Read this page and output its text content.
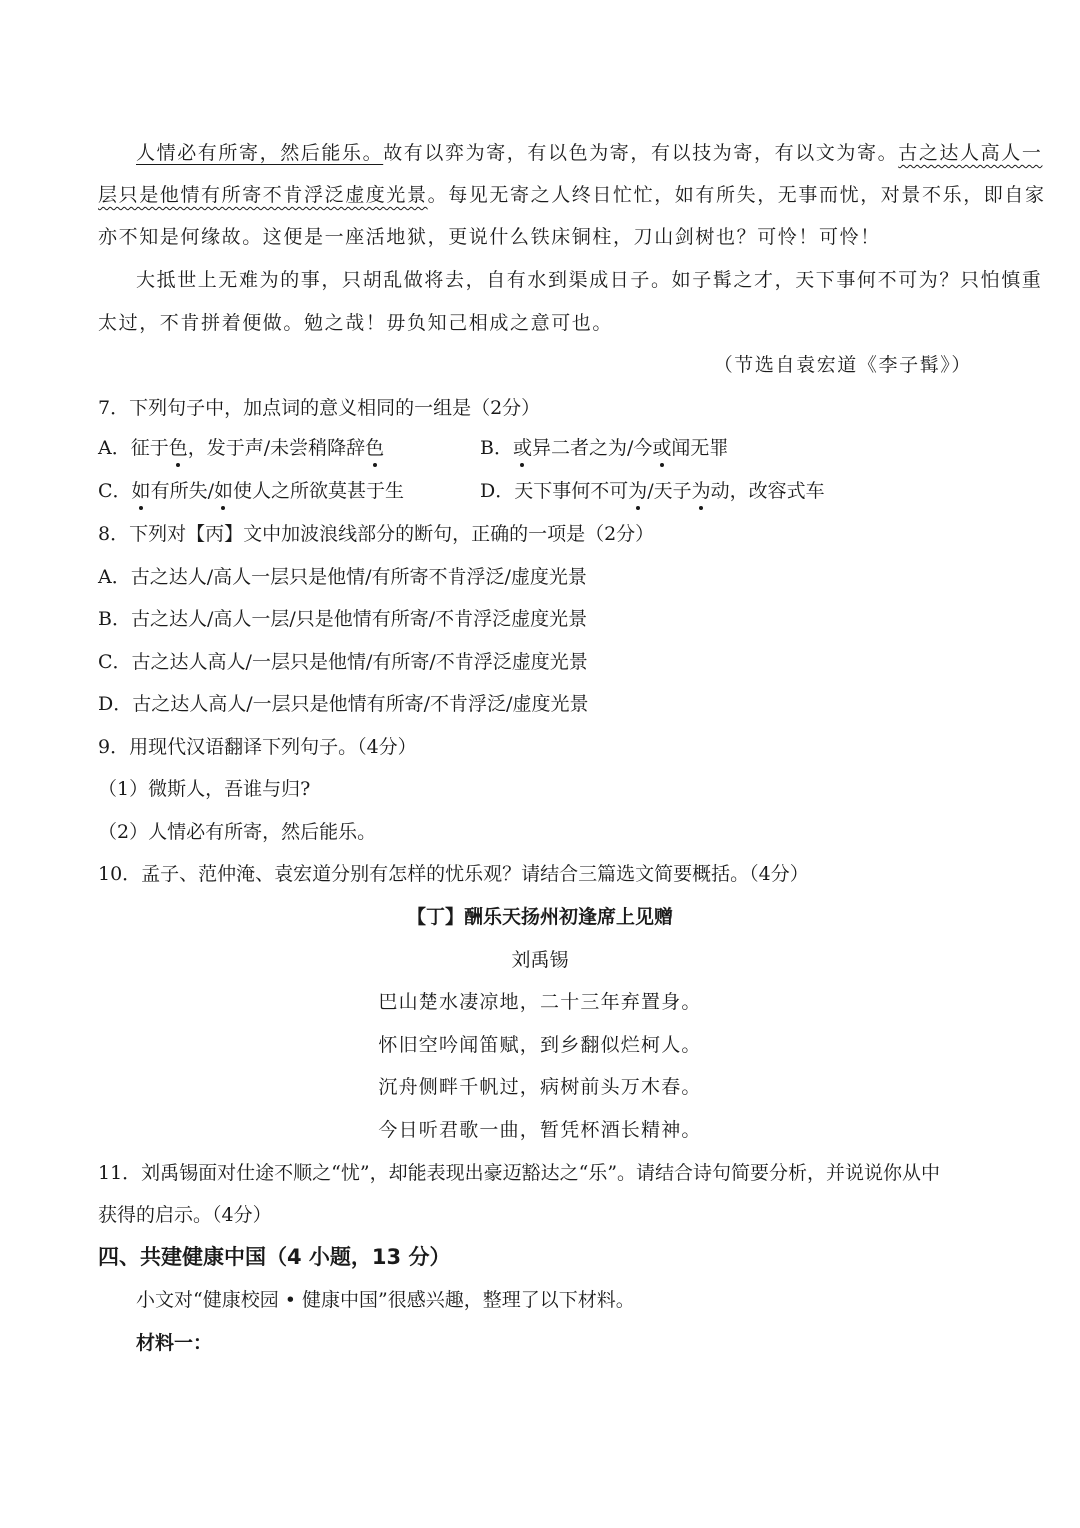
人情必有所寄，然后能乐。故有以弈为寄，有以色为寄，有以技为寄，有以文为寄。古之达人高人一
层只是他情有所寄不肯浮泛虚度光景。每见无寄之人终日忙忙，如有所失，无事而忧，对景不乐，即自家
亦不知是何缘故。这便是一座活地狱，更说什么铁床铜柱，刀山剑树也？可怜！可怜！
大抵世上无难为的事，只胡乱做将去，自有水到渠成日子。如子髯之才，天下事何不可为？只怕慎重
太过，不肯拼着便做。勉之哉！毋负知己相成之意可也。
（节选自袁宏道《李子髯》）
7．下列句子中，加点词的意义相同的一组是（2分）
A．征于色，发于声/未尝稍降辞色	B．或异二者之为/今或闻无罪
C．如有所失/如使人之所欲莫甚于生	D．天下事何不可为/天子为动，改容式车
8．下列对【丙】文中加波浪线部分的断句，正确的一项是（2分）
A．古之达人/高人一层只是他情/有所寄不肯浮泛/虚度光景
B．古之达人/高人一层/只是他情有所寄/不肯浮泛虚度光景
C．古之达人高人/一层只是他情/有所寄/不肯浮泛虚度光景
D．古之达人高人/一层只是他情有所寄/不肯浮泛/虚度光景
9．用现代汉语翻译下列句子。（4分）
（1）微斯人，吾谁与归?
（2）人情必有所寄，然后能乐。
10．孟子、范仲淹、袁宏道分别有怎样的忧乐观？请结合三篇选文简要概括。（4分）
【丁】酬乐天扬州初逢席上见赠
刘禹锡
巴山楚水凄凉地，二十三年弃置身。
怀旧空吟闻笛赋，到乡翻似烂柯人。
沉舟侧畔千帆过，病树前头万木春。
今日听君歌一曲，暂凭杯酒长精神。
11．刘禹锡面对仕途不顺之“忧”，却能表现出豪迈豁达之“乐”。请结合诗句简要分析，并说说你从中
获得的启示。（4分）
四、共建健康中国（4 小题，13 分）
小文对“健康校园 • 健康中国”很感兴趣，整理了以下材料。
材料一：
